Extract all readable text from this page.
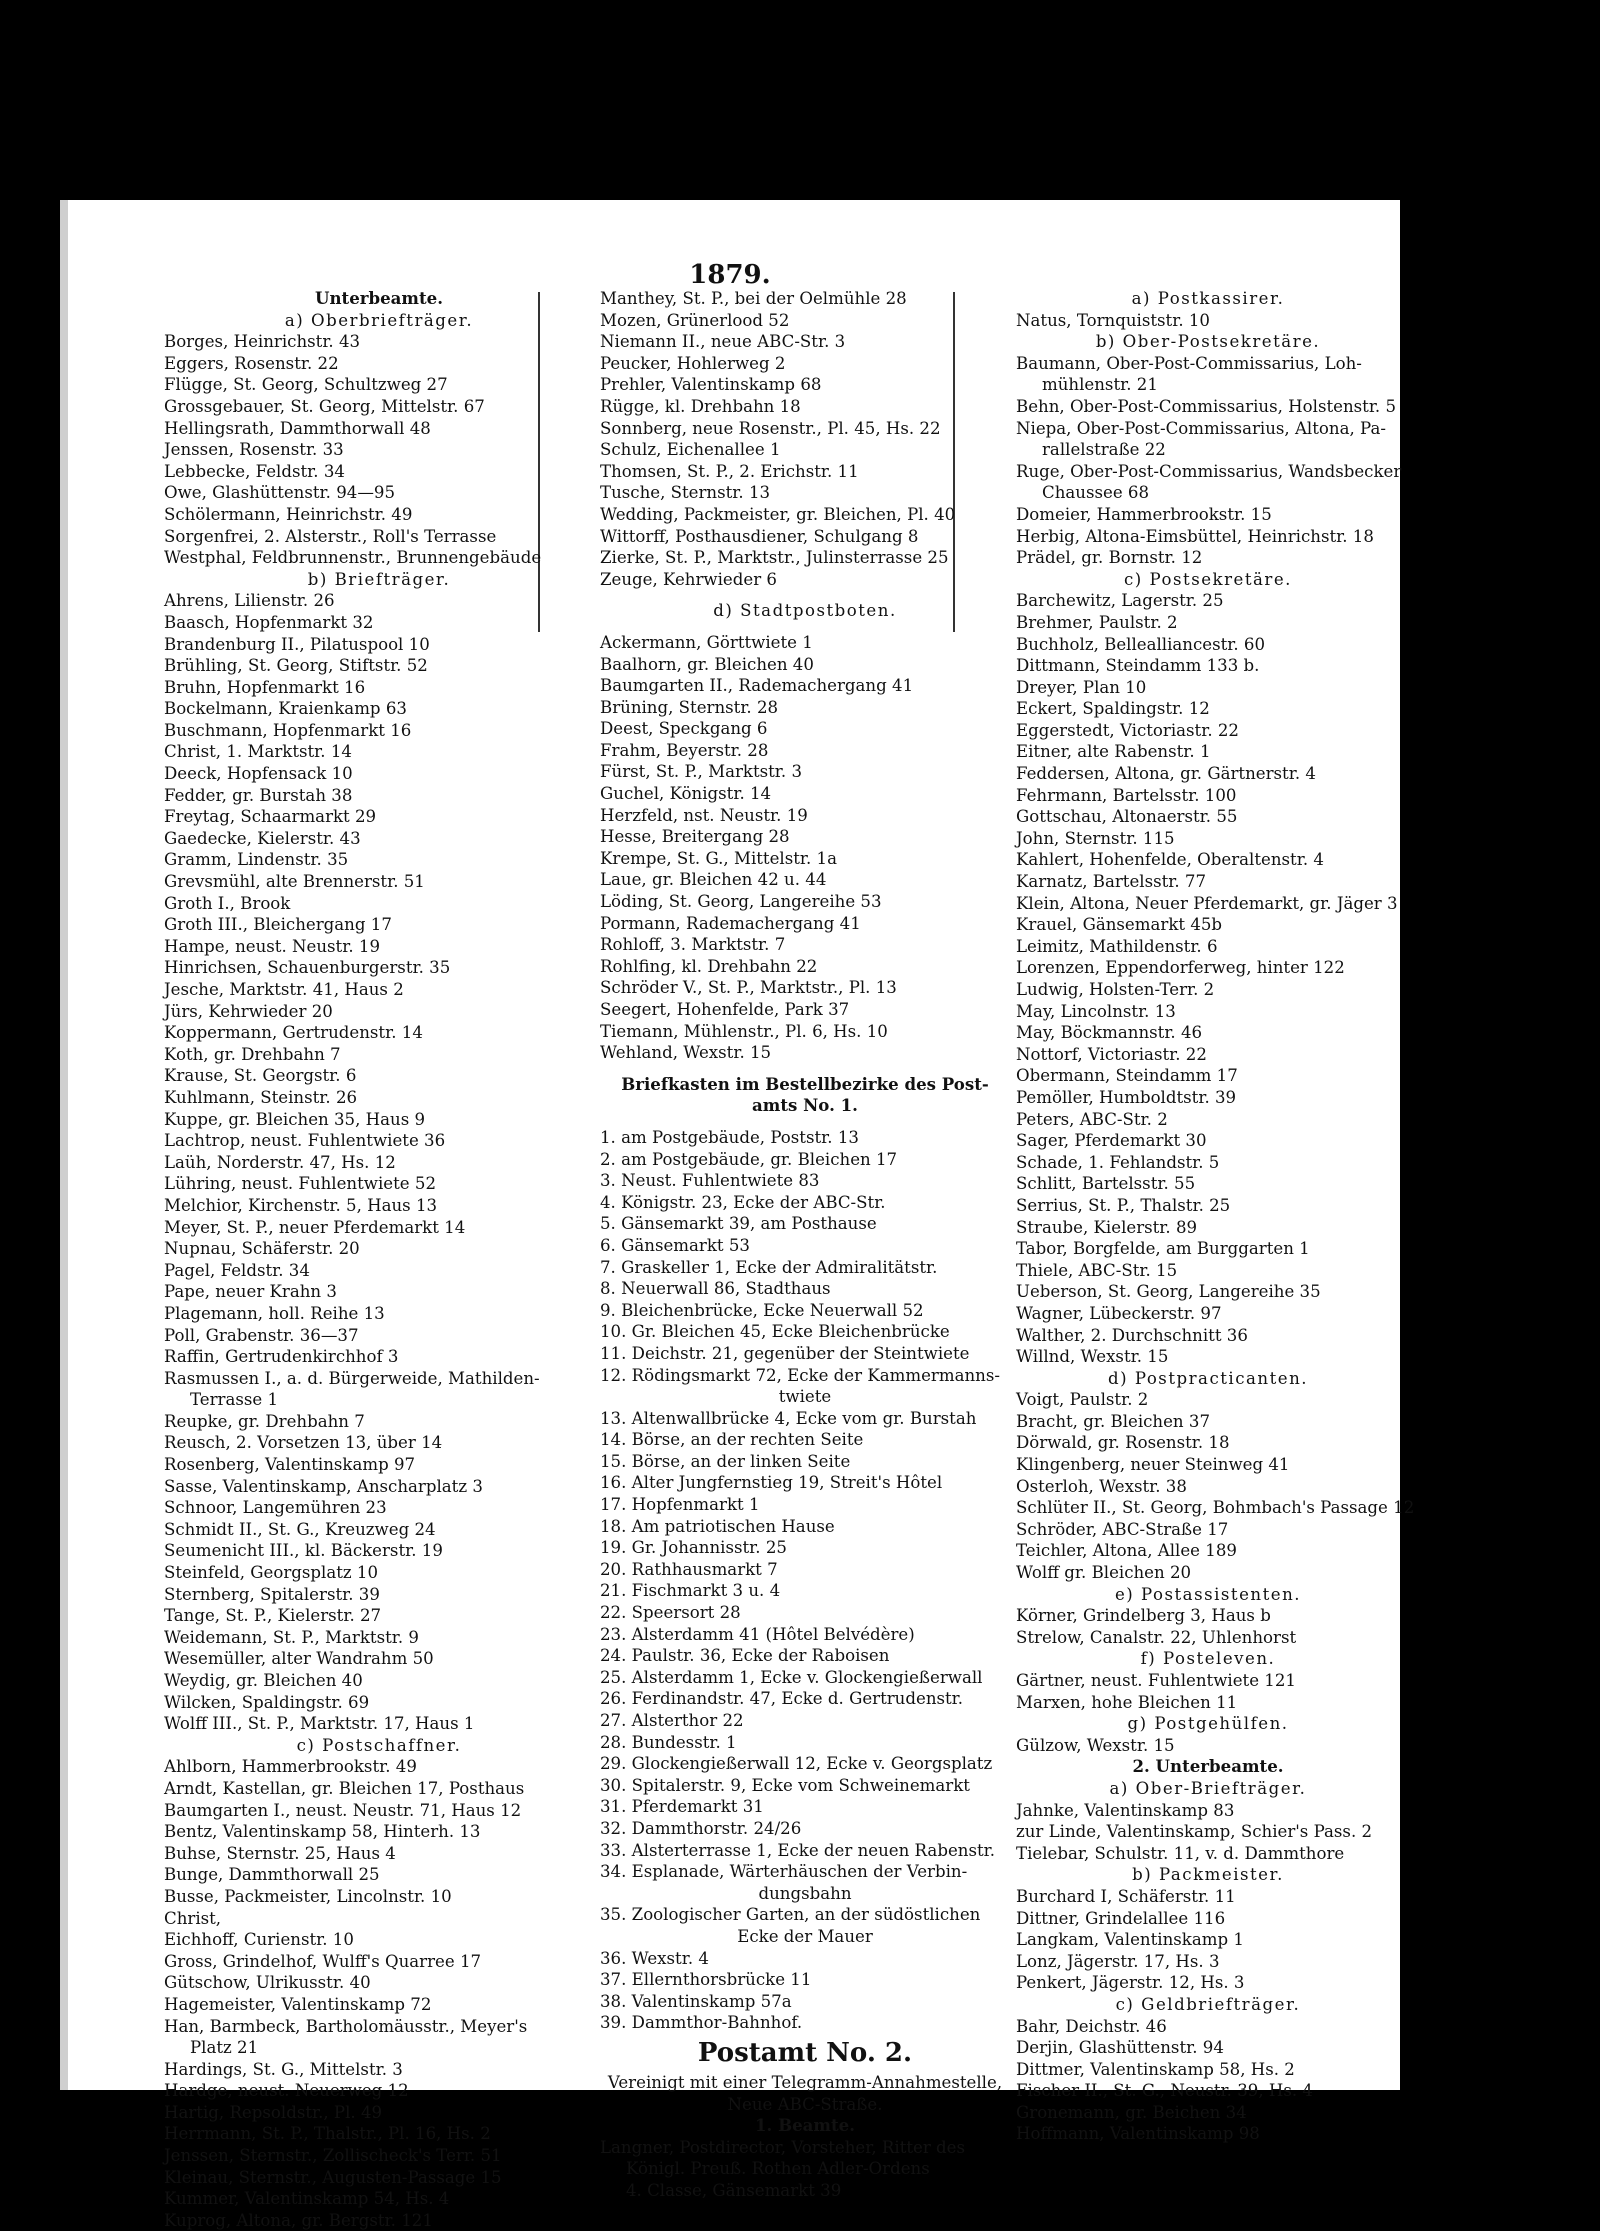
1879.
Unterbeamte.
a) Oberbriefträger.
Borges, Heinrichstr. 43
Eggers, Rosenstr. 22
Flügge, St. Georg, Schultzweg 27
Grossgebauer, St. Georg, Mittelstr. 67
Hellingsrath, Dammthorwall 48
Jenssen, Rosenstr. 33
Lebbecke, Feldstr. 34
Owe, Glashüttenstr. 94—95
Schölermann, Heinrichstr. 49
Sorgenfrei, 2. Alsterstr., Roll's Terrasse
Westphal, Feldbrunnenstr., Brunnengebäude
b) Briefträger.
Ahrens, Lilienstr. 26
Baasch, Hopfenmarkt 32
Brandenburg II., Pilatuspool 10
Brühling, St. Georg, Stiftstr. 52
Bruhn, Hopfenmarkt 16
Bockelmann, Kraienkamp 63
Buschmann, Hopfenmarkt 16
Christ, 1. Marktstr. 14
Deeck, Hopfensack 10
Fedder, gr. Burstah 38
Freytag, Schaarmarkt 29
Gaedecke, Kielerstr. 43
Gramm, Lindenstr. 35
Grevsmühl, alte Brennerstr. 51
Groth I., Brook
Groth III., Bleichergang 17
Hampe, neust. Neustr. 19
Hinrichsen, Schauenburgerstr. 35
Jesche, Marktstr. 41, Haus 2
Jürs, Kehrwieder 20
Koppermann, Gertrudenstr. 14
Koth, gr. Drehbahn 7
Krause, St. Georgstr. 6
Kuhlmann, Steinstr. 26
Kuppe, gr. Bleichen 35, Haus 9
Lachtrop, neust. Fuhlentwiete 36
Laüh, Norderstr. 47, Hs. 12
Lühring, neust. Fuhlentwiete 52
Melchior, Kirchenstr. 5, Haus 13
Meyer, St. P., neuer Pferdemarkt 14
Nupnau, Schäferstr. 20
Pagel, Feldstr. 34
Pape, neuer Krahn 3
Plagemann, holl. Reihe 13
Poll, Grabenstr. 36—37
Raffin, Gertrudenkirchhof 3
Rasmussen I., a. d. Bürgerweide, Mathilden-
Terrasse 1
Reupke, gr. Drehbahn 7
Reusch, 2. Vorsetzen 13, über 14
Rosenberg, Valentinskamp 97
Sasse, Valentinskamp, Anscharplatz 3
Schnoor, Langemühren 23
Schmidt II., St. G., Kreuzweg 24
Seumenicht III., kl. Bäckerstr. 19
Steinfeld, Georgsplatz 10
Sternberg, Spitalerstr. 39
Tange, St. P., Kielerstr. 27
Weidemann, St. P., Marktstr. 9
Wesemüller, alter Wandrahm 50
Weydig, gr. Bleichen 40
Wilcken, Spaldingstr. 69
Wolff III., St. P., Marktstr. 17, Haus 1
c) Postschaffner.
Ahlborn, Hammerbrookstr. 49
Arndt, Kastellan, gr. Bleichen 17, Posthaus
Baumgarten I., neust. Neustr. 71, Haus 12
Bentz, Valentinskamp 58, Hinterh. 13
Buhse, Sternstr. 25, Haus 4
Bunge, Dammthorwall 25
Busse, Packmeister, Lincolnstr. 10
Christ,
Eichhoff, Curienstr. 10
Gross, Grindelhof, Wulff's Quarree 17
Gütschow, Ulrikusstr. 40
Hagemeister, Valentinskamp 72
Han, Barmbeck, Bartholomäusstr., Meyer's
Platz 21
Hardings, St. G., Mittelstr. 3
Hardge, neust. Neuerweg 12
Hartig, Repsoldstr., Pl. 49
Herrmann, St. P., Thalstr., Pl. 16, Hs. 2
Jenssen, Sternstr., Zollischeck's Terr. 51
Kleinau, Sternstr., Augusten-Passage 15
Kummer, Valentinskamp 54, Hs. 4
Kuprog, Altona, gr. Bergstr. 121
Manthey, St. P., bei der Oelmühle 28
Mozen, Grünerlood 52
Niemann II., neue ABC-Str. 3
Peucker, Hohlerweg 2
Prehler, Valentinskamp 68
Rügge, kl. Drehbahn 18
Sonnberg, neue Rosenstr., Pl. 45, Hs. 22
Schulz, Eichenallee 1
Thomsen, St. P., 2. Erichstr. 11
Tusche, Sternstr. 13
Wedding, Packmeister, gr. Bleichen, Pl. 40
Wittorff, Posthausdiener, Schulgang 8
Zierke, St. P., Marktstr., Julinsterrasse 25
Zeuge, Kehrwieder 6
d) Stadtpostboten.
Ackermann, Görttwiete 1
Baalhorn, gr. Bleichen 40
Baumgarten II., Rademachergang 41
Brüning, Sternstr. 28
Deest, Speckgang 6
Frahm, Beyerstr. 28
Fürst, St. P., Marktstr. 3
Guchel, Königstr. 14
Herzfeld, nst. Neustr. 19
Hesse, Breitergang 28
Krempe, St. G., Mittelstr. 1a
Laue, gr. Bleichen 42 u. 44
Löding, St. Georg, Langereihe 53
Pormann, Rademachergang 41
Rohloff, 3. Marktstr. 7
Rohlfing, kl. Drehbahn 22
Schröder V., St. P., Marktstr., Pl. 13
Seegert, Hohenfelde, Park 37
Tiemann, Mühlenstr., Pl. 6, Hs. 10
Wehland, Wexstr. 15
Briefkasten im Bestellbezirke des Post-
amts No. 1.
1. am Postgebäude, Poststr. 13
2. am Postgebäude, gr. Bleichen 17
3. Neust. Fuhlentwiete 83
4. Königstr. 23, Ecke der ABC-Str.
5. Gänsemarkt 39, am Posthause
6. Gänsemarkt 53
7. Graskeller 1, Ecke der Admiralitätstr.
8. Neuerwall 86, Stadthaus
9. Bleichenbrücke, Ecke Neuerwall 52
10. Gr. Bleichen 45, Ecke Bleichenbrücke
11. Deichstr. 21, gegenüber der Steintwiete
12. Rödingsmarkt 72, Ecke der Kammermanns-
twiete
13. Altenwallbrücke 4, Ecke vom gr. Burstah
14. Börse, an der rechten Seite
15. Börse, an der linken Seite
16. Alter Jungfernstieg 19, Streit's Hôtel
17. Hopfenmarkt 1
18. Am patriotischen Hause
19. Gr. Johannisstr. 25
20. Rathhausmarkt 7
21. Fischmarkt 3 u. 4
22. Speersort 28
23. Alsterdamm 41 (Hôtel Belvédère)
24. Paulstr. 36, Ecke der Raboisen
25. Alsterdamm 1, Ecke v. Glockengießerwall
26. Ferdinandstr. 47, Ecke d. Gertrudenstr.
27. Alsterthor 22
28. Bundesstr. 1
29. Glockengießerwall 12, Ecke v. Georgsplatz
30. Spitalerstr. 9, Ecke vom Schweinemarkt
31. Pferdemarkt 31
32. Dammthorstr. 24/26
33. Alsterterrasse 1, Ecke der neuen Rabenstr.
34. Esplanade, Wärterhäuschen der Verbin-
dungsbahn
35. Zoologischer Garten, an der südöstlichen
Ecke der Mauer
36. Wexstr. 4
37. Ellernthorsbrücke 11
38. Valentinskamp 57a
39. Dammthor-Bahnhof.
Postamt No. 2.
Vereinigt mit einer Telegramm-Annahmestelle,
Neue ABC-Straße.
1. Beamte.
Langner, Postdirector, Vorsteher, Ritter des
Königl. Preuß. Rothen Adler-Ordens
4. Classe, Gänsemarkt 39
a) Postkassirer.
Natus, Tornquiststr. 10
b) Ober-Postsekretäre.
Baumann, Ober-Post-Commissarius, Loh-
mühlenstr. 21
Behn, Ober-Post-Commissarius, Holstenstr. 5
Niepa, Ober-Post-Commissarius, Altona, Pa-
rallelstraße 22
Ruge, Ober-Post-Commissarius, Wandsbecker
Chaussee 68
Domeier, Hammerbrookstr. 15
Herbig, Altona-Eimsbüttel, Heinrichstr. 18
Prädel, gr. Bornstr. 12
c) Postsekretäre.
Barchewitz, Lagerstr. 25
Brehmer, Paulstr. 2
Buchholz, Bellealliancestr. 60
Dittmann, Steindamm 133 b.
Dreyer, Plan 10
Eckert, Spaldingstr. 12
Eggerstedt, Victoriastr. 22
Eitner, alte Rabenstr. 1
Feddersen, Altona, gr. Gärtnerstr. 4
Fehrmann, Bartelsstr. 100
Gottschau, Altonaerstr. 55
John, Sternstr. 115
Kahlert, Hohenfelde, Oberaltenstr. 4
Karnatz, Bartelsstr. 77
Klein, Altona, Neuer Pferdemarkt, gr. Jäger 3
Krauel, Gänsemarkt 45b
Leimitz, Mathildenstr. 6
Lorenzen, Eppendorferweg, hinter 122
Ludwig, Holsten-Terr. 2
May, Lincolnstr. 13
May, Böckmannstr. 46
Nottorf, Victoriastr. 22
Obermann, Steindamm 17
Pemöller, Humboldtstr. 39
Peters, ABC-Str. 2
Sager, Pferdemarkt 30
Schade, 1. Fehlandstr. 5
Schlitt, Bartelsstr. 55
Serrius, St. P., Thalstr. 25
Straube, Kielerstr. 89
Tabor, Borgfelde, am Burggarten 1
Thiele, ABC-Str. 15
Ueberson, St. Georg, Langereihe 35
Wagner, Lübeckerstr. 97
Walther, 2. Durchschnitt 36
Willnd, Wexstr. 15
d) Postpracticanten.
Voigt, Paulstr. 2
Bracht, gr. Bleichen 37
Dörwald, gr. Rosenstr. 18
Klingenberg, neuer Steinweg 41
Osterloh, Wexstr. 38
Schlüter II., St. Georg, Bohmbach's Passage 12
Schröder, ABC-Straße 17
Teichler, Altona, Allee 189
Wolff gr. Bleichen 20
e) Postassistenten.
Körner, Grindelberg 3, Haus b
Strelow, Canalstr. 22, Uhlenhorst
f) Posteleven.
Gärtner, neust. Fuhlentwiete 121
Marxen, hohe Bleichen 11
g) Postgehülfen.
Gülzow, Wexstr. 15
2. Unterbeamte.
a) Ober-Briefträger.
Jahnke, Valentinskamp 83
zur Linde, Valentinskamp, Schier's Pass. 2
Tielebar, Schulstr. 11, v. d. Dammthore
b) Packmeister.
Burchard I, Schäferstr. 11
Dittner, Grindelallee 116
Langkam, Valentinskamp 1
Lonz, Jägerstr. 17, Hs. 3
Penkert, Jägerstr. 12, Hs. 3
c) Geldbriefträger.
Bahr, Deichstr. 46
Derjin, Glashüttenstr. 94
Dittmer, Valentinskamp 58, Hs. 2
Fischer II., St. G., Neustr. 39, Hs. 4
Gronemann, gr. Beichen 34
Hoffmann, Valentinskamp 98
